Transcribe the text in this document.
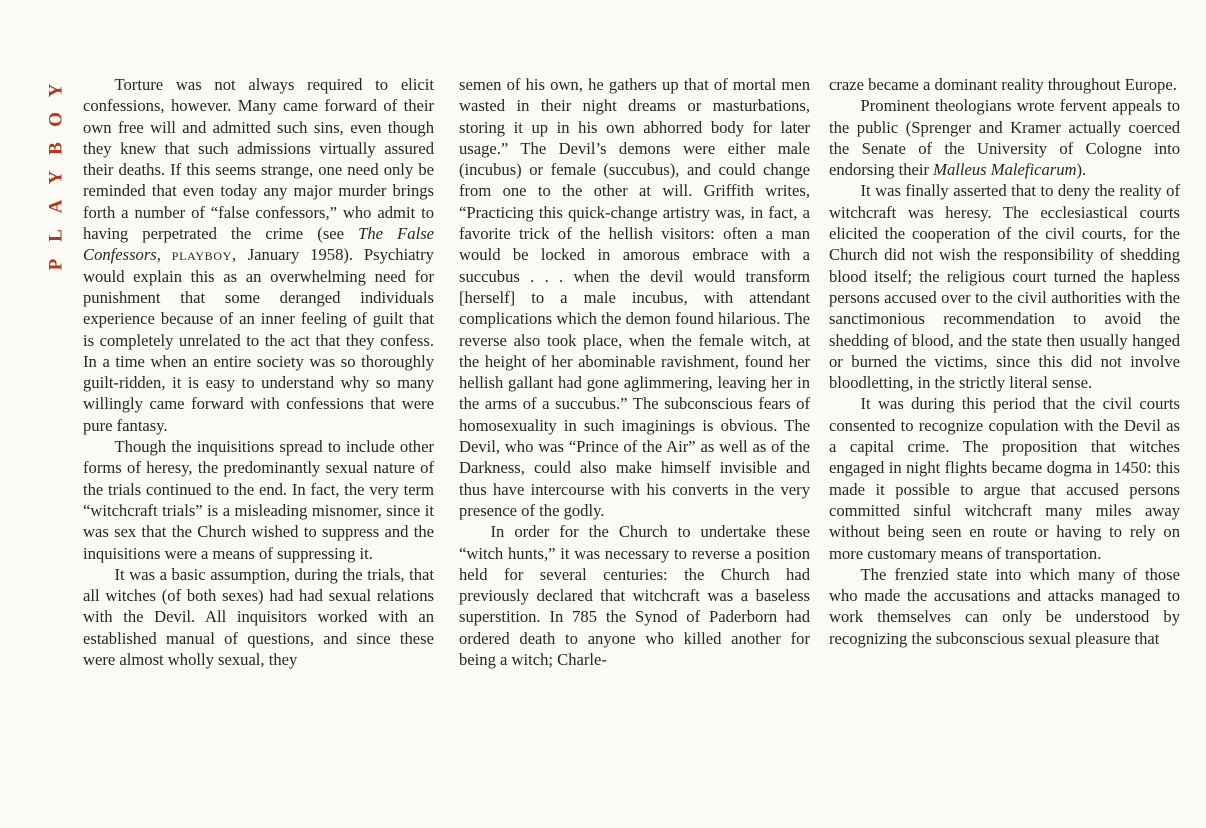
Y
O
B
Y
A
L
P

Torture was not always required to elicit confessions, however. Many came forward of their own free will and admitted such sins, even though they knew that such admissions virtually assured their deaths. If this seems strange, one need only be reminded that even today any major murder brings forth a number of “false confessors,” who admit to having perpetrated the crime (see The False Confessors, playboy, January 1958). Psychiatry would explain this as an overwhelming need for punishment that some deranged individuals experience because of an inner feeling of guilt that is completely unrelated to the act that they confess. In a time when an entire society was so thoroughly guilt-ridden, it is easy to understand why so many willingly came forward with confessions that were pure fantasy.

Though the inquisitions spread to include other forms of heresy, the predominantly sexual nature of the trials continued to the end. In fact, the very term “witchcraft trials” is a misleading misnomer, since it was sex that the Church wished to suppress and the inquisitions were a means of suppressing it.

It was a basic assumption, during the trials, that all witches (of both sexes) had had sexual relations with the Devil. All inquisitors worked with an established manual of questions, and since these were almost wholly sexual, they

semen of his own, he gathers up that of mortal men wasted in their night dreams or masturbations, storing it up in his own abhorred body for later usage.” The Devil’s demons were either male (incubus) or female (succubus), and could change from one to the other at will. Griffith writes, “Practicing this quick-change artistry was, in fact, a favorite trick of the hellish visitors: often a man would be locked in amorous embrace with a succubus . . . when the devil would transform [herself] to a male incubus, with attendant complications which the demon found hilarious. The reverse also took place, when the female witch, at the height of her abominable ravishment, found her hellish gallant had gone aglimmering, leaving her in the arms of a succubus.” The subconscious fears of homosexuality in such imaginings is obvious. The Devil, who was “Prince of the Air” as well as of the Darkness, could also make himself invisible and thus have intercourse with his converts in the very presence of the godly.

In order for the Church to undertake these “witch hunts,” it was necessary to reverse a position held for several centuries: the Church had previously declared that witchcraft was a baseless superstition. In 785 the Synod of Paderborn had ordered death to anyone who killed another for being a witch; Charle-

craze became a dominant reality throughout Europe.

Prominent theologians wrote fervent appeals to the public (Sprenger and Kramer actually coerced the Senate of the University of Cologne into endorsing their Malleus Maleficarum).

It was finally asserted that to deny the reality of witchcraft was heresy. The ecclesiastical courts elicited the cooperation of the civil courts, for the Church did not wish the responsibility of shedding blood itself; the religious court turned the hapless persons accused over to the civil authorities with the sanctimonious recommendation to avoid the shedding of blood, and the state then usually hanged or burned the victims, since this did not involve bloodletting, in the strictly literal sense.

It was during this period that the civil courts consented to recognize copulation with the Devil as a capital crime. The proposition that witches engaged in night flights became dogma in 1450: this made it possible to argue that accused persons committed sinful witchcraft many miles away without being seen en route or having to rely on more customary means of transportation.

The frenzied state into which many of those who made the accusations and attacks managed to work themselves can only be understood by recognizing the subconscious sexual pleasure that
